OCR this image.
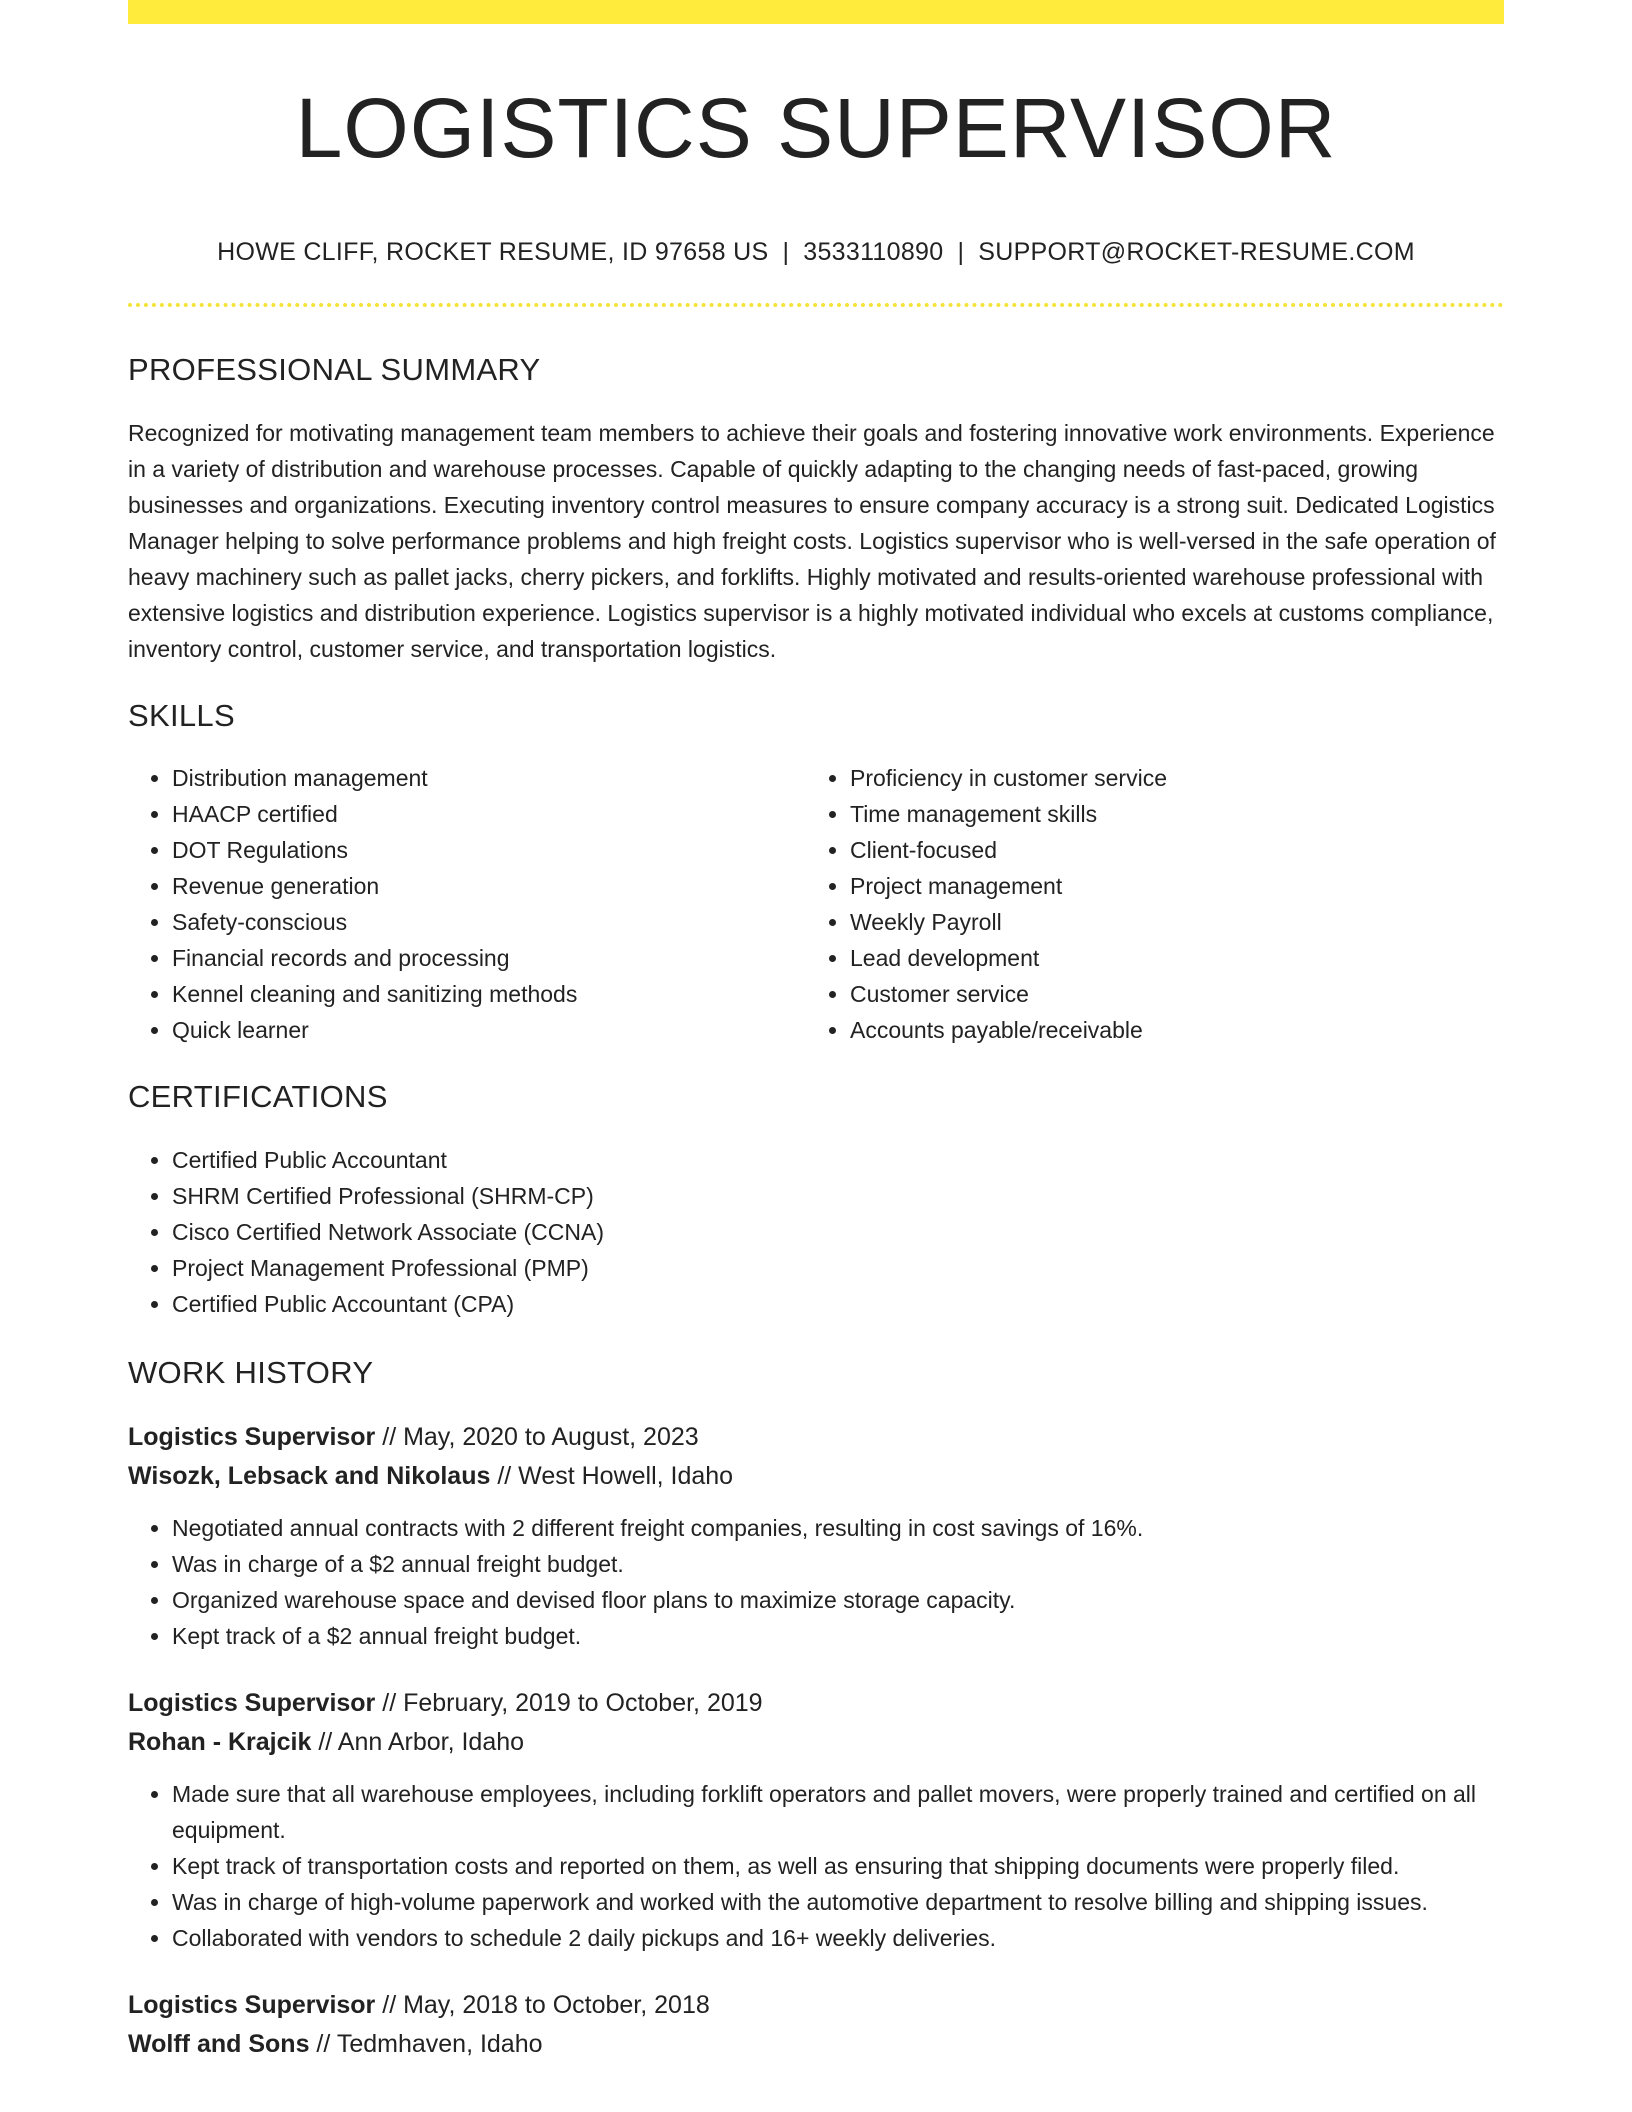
LOGISTICS SUPERVISOR
HOWE CLIFF, ROCKET RESUME, ID 97658 US | 3533110890 | SUPPORT@ROCKET-RESUME.COM
PROFESSIONAL SUMMARY
Recognized for motivating management team members to achieve their goals and fostering innovative work environments. Experience in a variety of distribution and warehouse processes. Capable of quickly adapting to the changing needs of fast-paced, growing businesses and organizations. Executing inventory control measures to ensure company accuracy is a strong suit. Dedicated Logistics Manager helping to solve performance problems and high freight costs. Logistics supervisor who is well-versed in the safe operation of heavy machinery such as pallet jacks, cherry pickers, and forklifts. Highly motivated and results-oriented warehouse professional with extensive logistics and distribution experience. Logistics supervisor is a highly motivated individual who excels at customs compliance, inventory control, customer service, and transportation logistics.
SKILLS
• Distribution management
• HAACP certified
• DOT Regulations
• Revenue generation
• Safety-conscious
• Financial records and processing
• Kennel cleaning and sanitizing methods
• Quick learner
• Proficiency in customer service
• Time management skills
• Client-focused
• Project management
• Weekly Payroll
• Lead development
• Customer service
• Accounts payable/receivable
CERTIFICATIONS
• Certified Public Accountant
• SHRM Certified Professional (SHRM-CP)
• Cisco Certified Network Associate (CCNA)
• Project Management Professional (PMP)
• Certified Public Accountant (CPA)
WORK HISTORY
Logistics Supervisor // May, 2020 to August, 2023
Wisozk, Lebsack and Nikolaus // West Howell, Idaho
• Negotiated annual contracts with 2 different freight companies, resulting in cost savings of 16%.
• Was in charge of a $2 annual freight budget.
• Organized warehouse space and devised floor plans to maximize storage capacity.
• Kept track of a $2 annual freight budget.
Logistics Supervisor // February, 2019 to October, 2019
Rohan - Krajcik // Ann Arbor, Idaho
• Made sure that all warehouse employees, including forklift operators and pallet movers, were properly trained and certified on all equipment.
• Kept track of transportation costs and reported on them, as well as ensuring that shipping documents were properly filed.
• Was in charge of high-volume paperwork and worked with the automotive department to resolve billing and shipping issues.
• Collaborated with vendors to schedule 2 daily pickups and 16+ weekly deliveries.
Logistics Supervisor // May, 2018 to October, 2018
Wolff and Sons // Tedmhaven, Idaho
